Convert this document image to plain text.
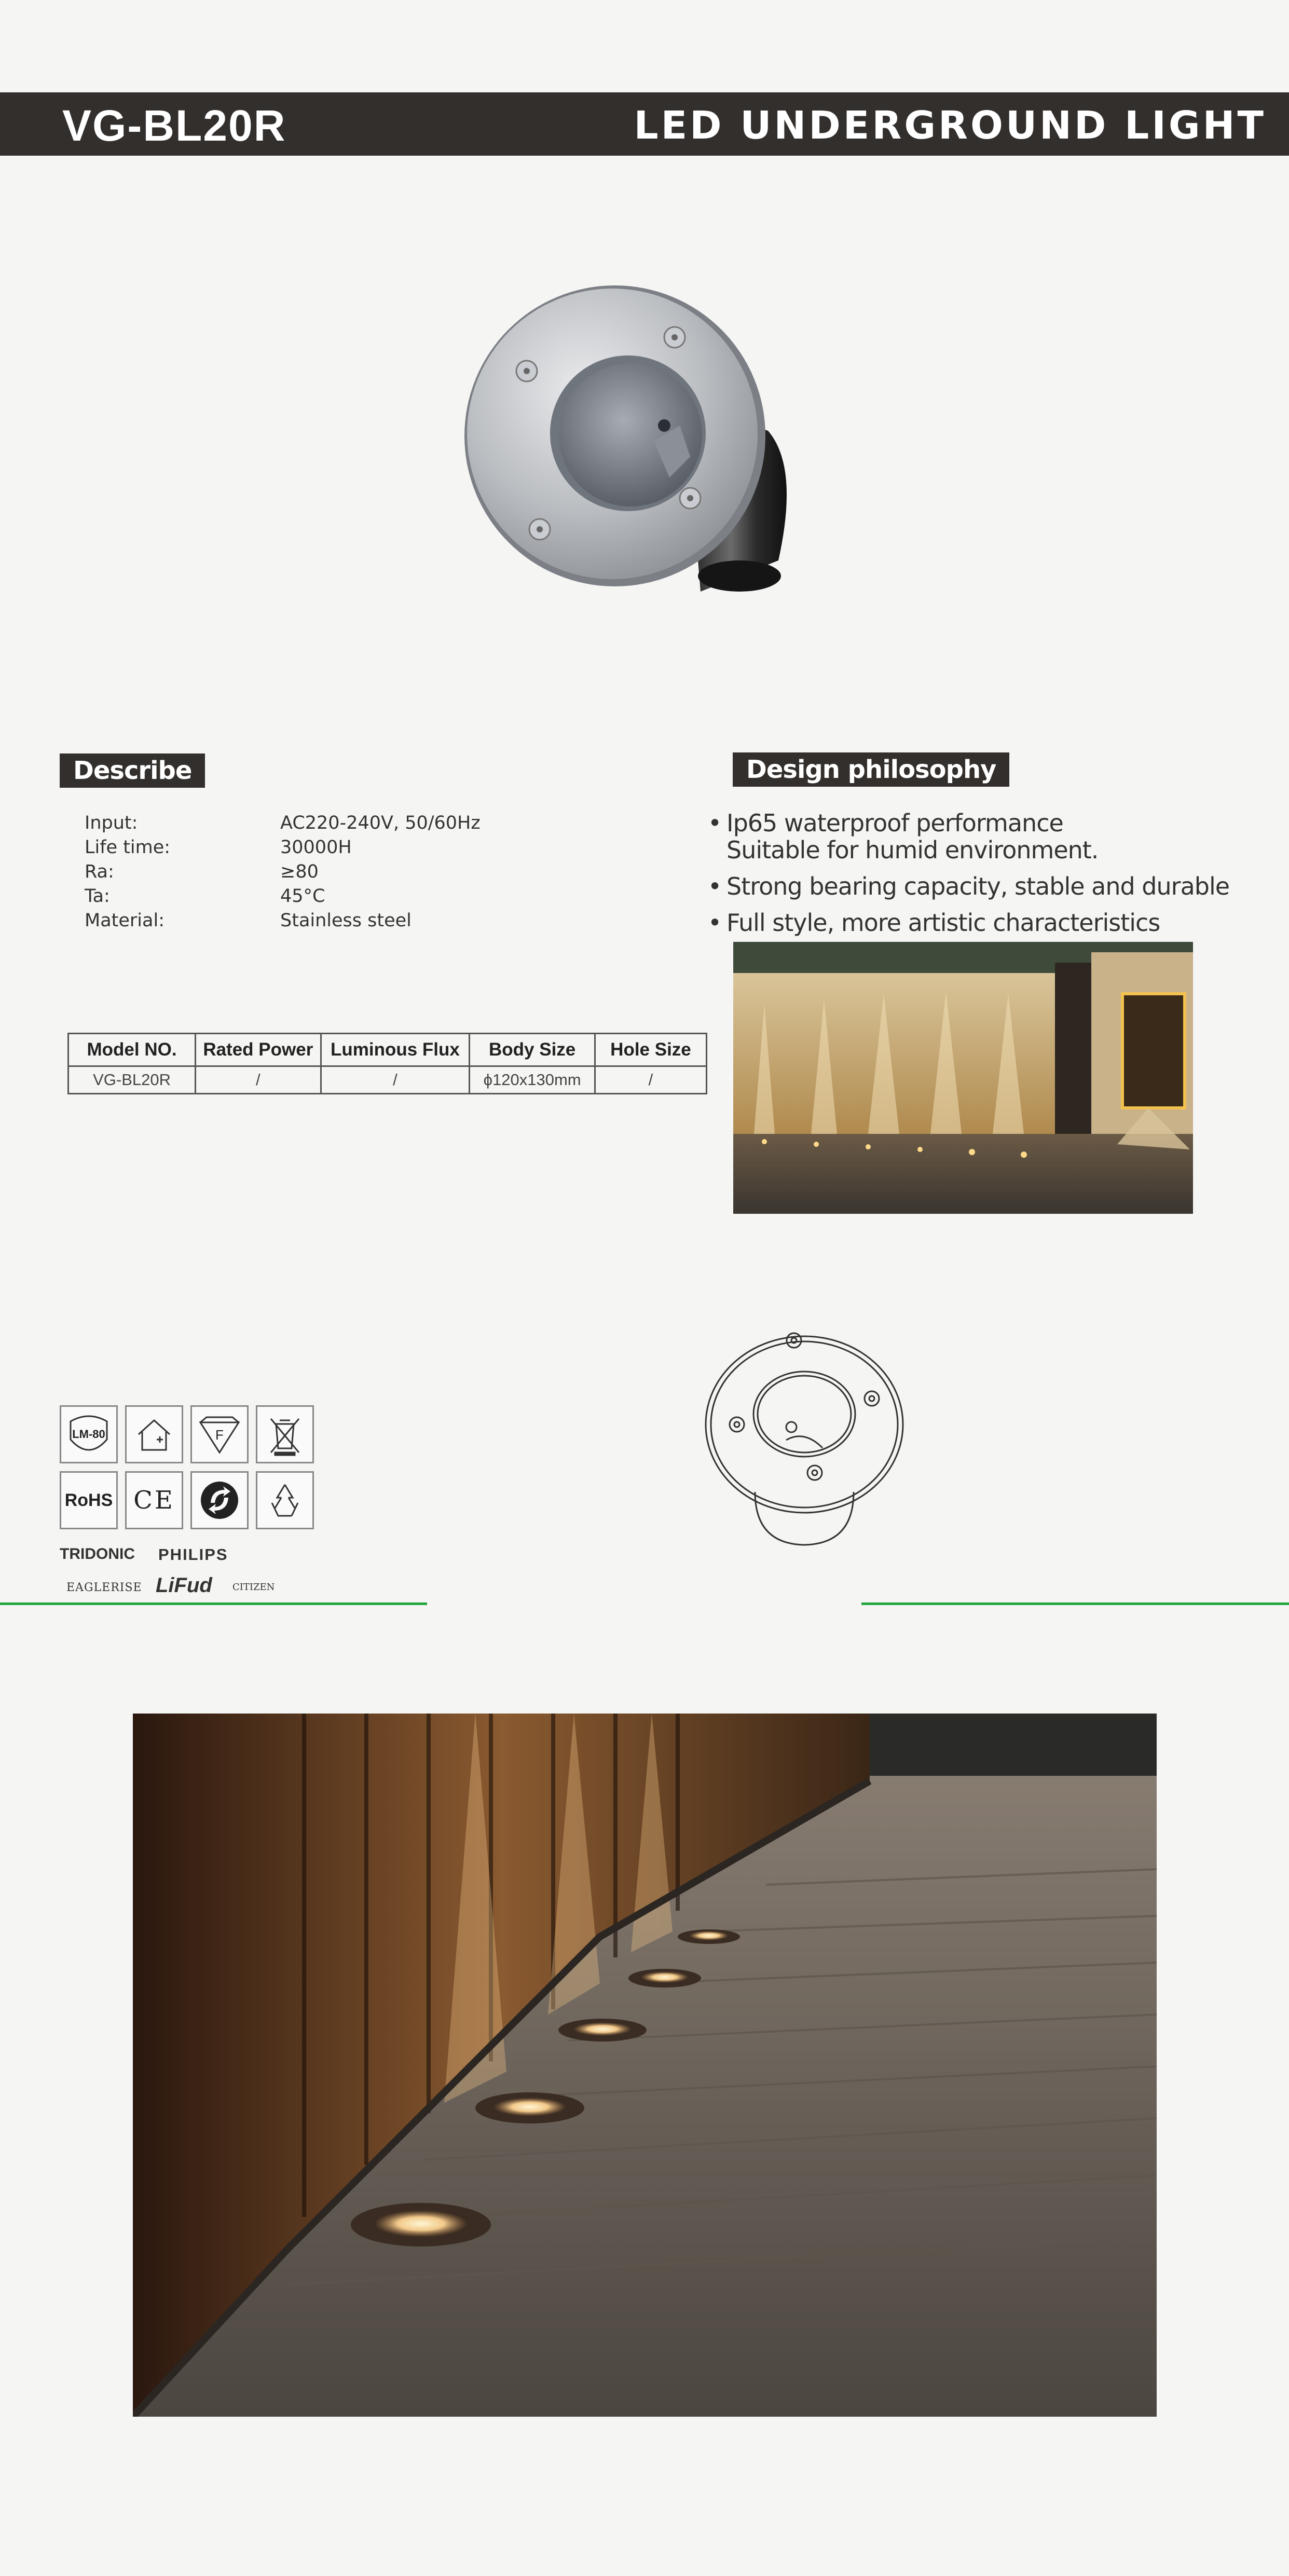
VG-BL20R	LED UNDERGROUND LIGHT
Describe
Input:	AC220-240V, 50/60Hz
Life time:	30000H
Ra:	≥80
Ta:	45°C
Material:	Stainless steel
Model NO.	Rated Power	Luminous Flux	Body Size	Hole Size
VG-BL20R	/	/	ϕ120x130mm	/
Design philosophy
• Ip65 waterproof performance
Suitable for humid environment.
• Strong bearing capacity, stable and durable
• Full style, more artistic characteristics
LM-80	F
RoHS CE
TRIDONIC PHILIPS
EAGLERISE LiFud CITIZEN
